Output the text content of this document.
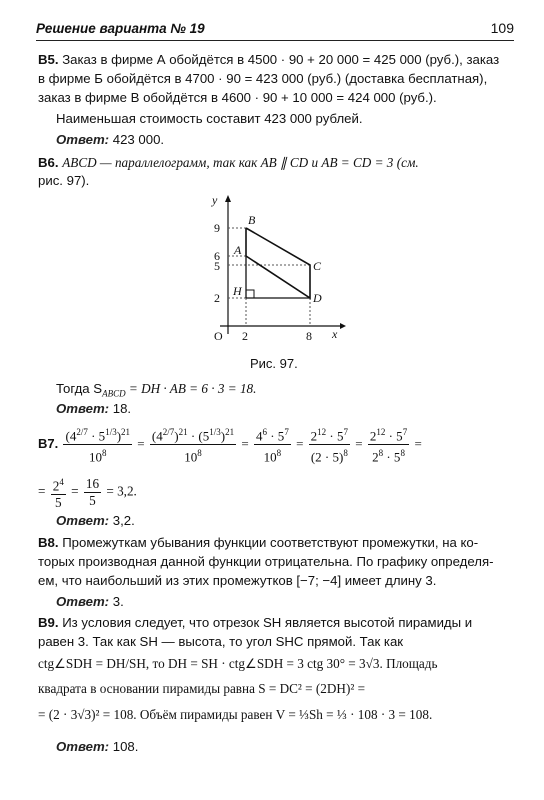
Решение варианта № 19	109
B5. Заказ в фирме А обойдётся в 4500 · 90 + 20 000 = 425 000 (руб.), заказ
в фирме Б обойдётся в 4700 · 90 = 423 000 (руб.) (доставка бесплатная),
заказ в фирме В обойдётся в 4600 · 90 + 10 000 = 424 000 (руб.).
Наименьшая стоимость составит 423 000 рублей.
Ответ: 423 000.
B6. ABCD — параллелограмм, так как AB ∥ CD и AB = CD = 3 (см.
рис. 97).
y
x
O
9
6
5
2
2	8
B
A
C
D
H
Рис. 97.
Тогда $S_{ABCD}$ = DH · AB = 6 · 3 = 18.
Ответ: 18.
B7. $\frac{(4^{2/7} \cdot 5^{1/3})^{21}}{10^8} = \frac{(4^{2/7})^{21} \cdot (5^{1/3})^{21}}{10^8} = \frac{4^6 \cdot 5^7}{10^8} = \frac{2^{12} \cdot 5^7}{(2 \cdot 5)^8} = \frac{2^{12} \cdot 5^7}{2^8 \cdot 5^8}$ =
= $\frac{2^4}{5} = \frac{16}{5} = 3,2$.
Ответ: 3,2.
B8. Промежуткам убывания функции соответствуют промежутки, на ко-
торых производная данной функции отрицательна. По графику определя-
ем, что наибольший из этих промежутков [−7; −4] имеет длину 3.
Ответ: 3.
B9. Из условия следует, что отрезок SH является высотой пирамиды и
равен 3. Так как SH — высота, то угол SHC прямой. Так как
ctg∠SDH = DH/SH, то DH = SH · ctg∠SDH = 3 ctg 30° = 3√3. Площадь
квадрата в основании пирамиды равна S = DC² = (2DH)² =
= (2 · 3√3)² = 108. Объём пирамиды равен V = ⅓Sh = ⅓ · 108 · 3 = 108.
Ответ: 108.
